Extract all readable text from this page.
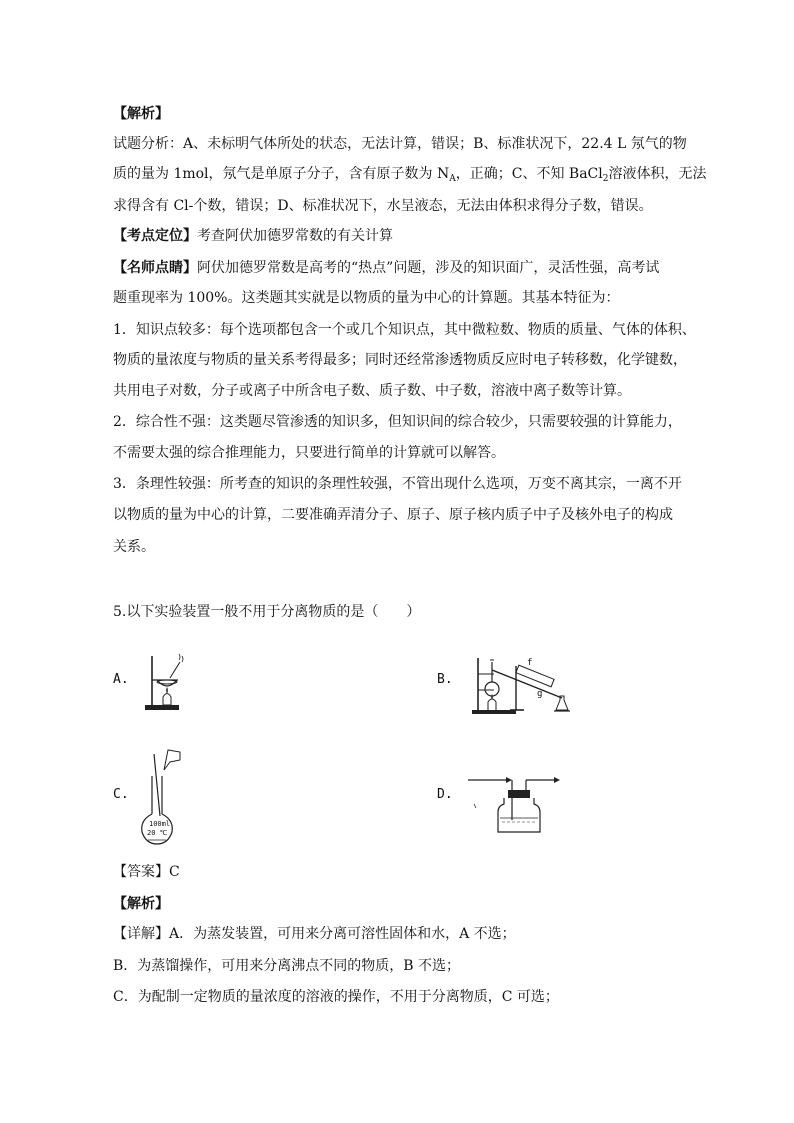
【解析】
试题分析：A、未标明气体所处的状态，无法计算，错误；B、标准状况下，22.4 L 氖气的物
质的量为 1mol，氖气是单原子分子，含有原子数为 $N_A$，正确；C、不知 BaCl$_2$溶液体积，无法
求得含有 Cl-个数，错误；D、标准状况下，水呈液态，无法由体积求得分子数，错误。
【考点定位】考查阿伏加德罗常数的有关计算
【名师点睛】阿伏加德罗常数是高考的“热点”问题，涉及的知识面广，灵活性强，高考试
题重现率为 100%。这类题其实就是以物质的量为中心的计算题。其基本特征为：
1．知识点较多：每个选项都包含一个或几个知识点，其中微粒数、物质的质量、气体的体积、
物质的量浓度与物质的量关系考得最多；同时还经常渗透物质反应时电子转移数，化学键数，
共用电子对数，分子或离子中所含电子数、质子数、中子数，溶液中离子数等计算。
2．综合性不强：这类题尽管渗透的知识多，但知识间的综合较少，只需要较强的计算能力，
不需要太强的综合推理能力，只要进行简单的计算就可以解答。
3．条理性较强：所考查的知识的条理性较强，不管出现什么选项，万变不离其宗，一离不开
以物质的量为中心的计算，二要准确弄清分子、原子、原子核内质子中子及核外电子的构成
关系。
5.以下实验装置一般不用于分离物质的是（　　）
A.	B.
f
g
C.
100ml
20 ℃
D.
【答案】C
【解析】
【详解】A．为蒸发装置，可用来分离可溶性固体和水，A 不选；
B．为蒸馏操作，可用来分离沸点不同的物质，B 不选；
C．为配制一定物质的量浓度的溶液的操作，不用于分离物质，C 可选；
